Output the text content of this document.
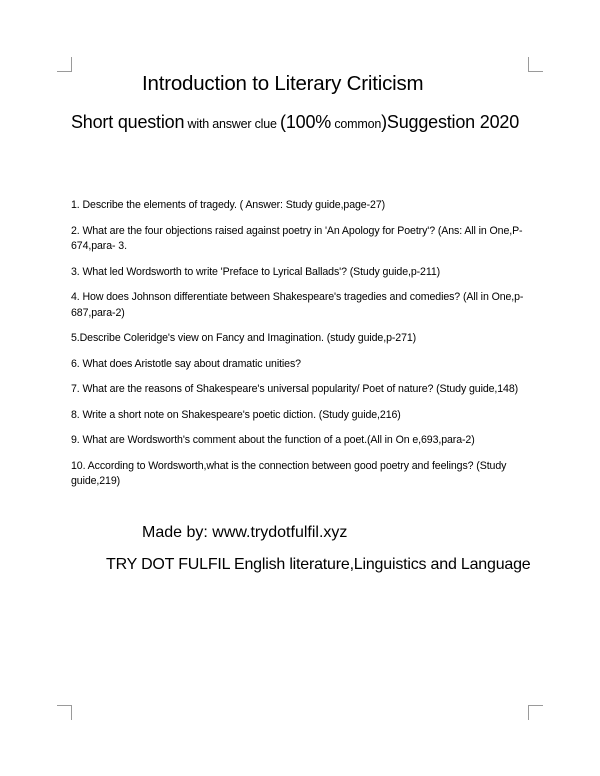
Introduction to Literary Criticism
Short question with answer clue (100% common)Suggestion 2020
1. Describe the elements of tragedy. ( Answer: Study guide,page-27)
2. What are the four objections raised against poetry in 'An Apology for Poetry'? (Ans: All in One,P-674,para- 3.
3. What led Wordsworth to write 'Preface to Lyrical Ballads'? (Study guide,p-211)
4. How does Johnson differentiate between Shakespeare's tragedies and comedies? (All in One,p-687,para-2)
5.Describe Coleridge's view on Fancy and Imagination. (study guide,p-271)
6. What does Aristotle say about dramatic unities?
7. What are the reasons of Shakespeare's universal popularity/ Poet of nature? (Study guide,148)
8. Write a short note on Shakespeare's poetic diction. (Study guide,216)
9. What are Wordsworth's comment about the function of a poet.(All in On e,693,para-2)
10. According to Wordsworth,what is the connection between good poetry and feelings? (Study guide,219)
Made by: www.trydotfulfil.xyz
TRY DOT FULFIL English literature,Linguistics and Language
